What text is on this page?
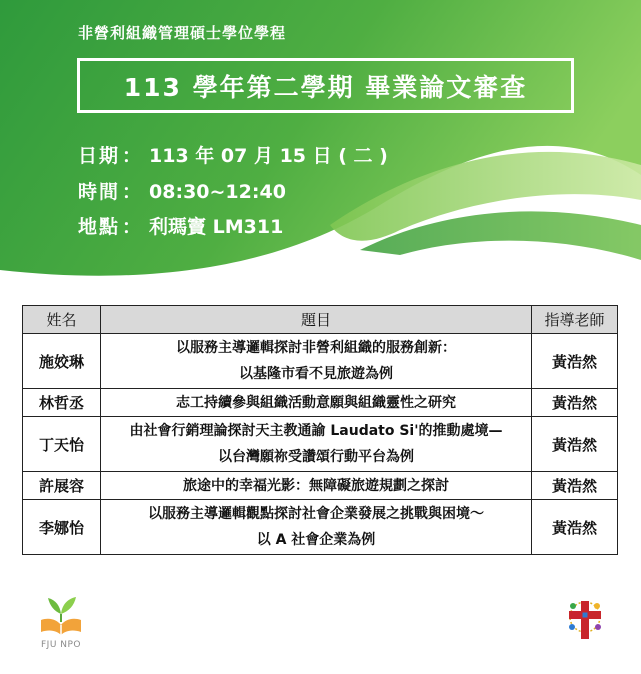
非營利組織管理碩士學位學程
113 學年第二學期 畢業論文審查
日期 ： 113 年 07 月 15 日 ( 二 )
時間 ： 08:30~12:40
地點 ： 利瑪竇 LM311
姓名	題目	指導老師
施姣琳	以服務主導邏輯探討非營利組織的服務創新：
以基隆市看不見旅遊為例	黃浩然
林哲丞	志工持續參與組織活動意願與組織靈性之研究	黃浩然
丁天怡	由社會行銷理論探討天主教通諭 Laudato Si'的推動處境—
以台灣願祢受讚頌行動平台為例	黃浩然
許展容	旅途中的幸福光影：無障礙旅遊規劃之探討	黃浩然
李娜怡	以服務主導邏輯觀點探討社會企業發展之挑戰與困境～
以 A 社會企業為例	黃浩然
FJU NPO
